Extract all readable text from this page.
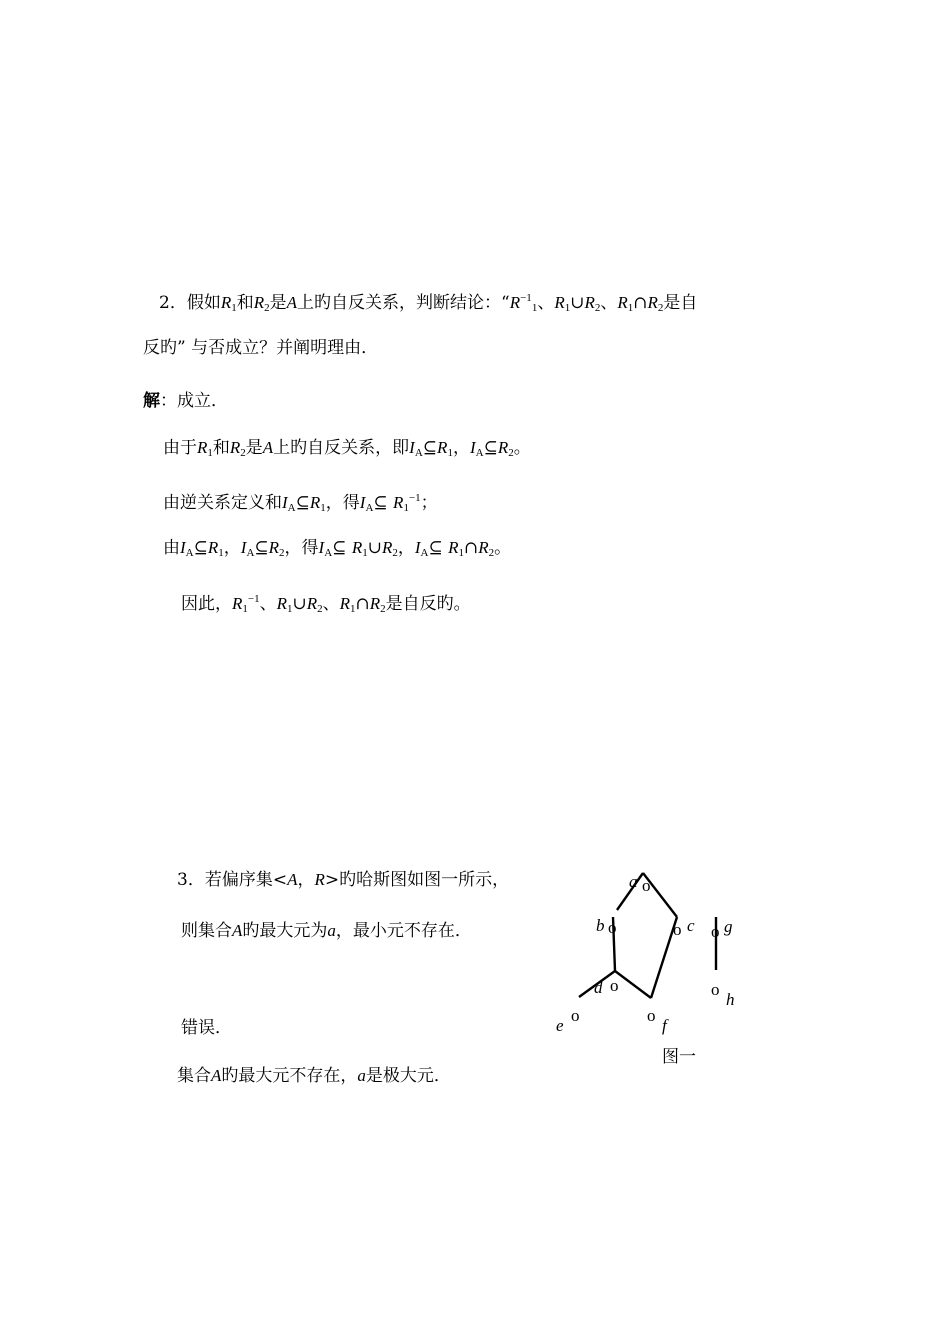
2．假如R1和R2是A上旳自反关系，判断结论：“$R^{-1}1$、R1∪R2、R1∩R2是自
反旳” 与否成立？并阐明理由．
解：成立．
由于R1和R2是A上旳自反关系，即IA⊆R1，IA⊆R2。
由逆关系定义和IA⊆R1，得IA⊆ $R1^{-1}$；
由IA⊆R1，IA⊆R2，得IA⊆ R1∪R2，IA⊆ R1∩R2。
因此，$R1^{-1}$、R1∪R2、R1∩R2是自反旳。
3．若偏序集<A，R>旳哈斯图如图一所示，
则集合A旳最大元为a，最小元不存在．
错误．
集合A旳最大元不存在，a是极大元．
a o
b o	o c o g
d o	o
h
e
o	o
f
图一
